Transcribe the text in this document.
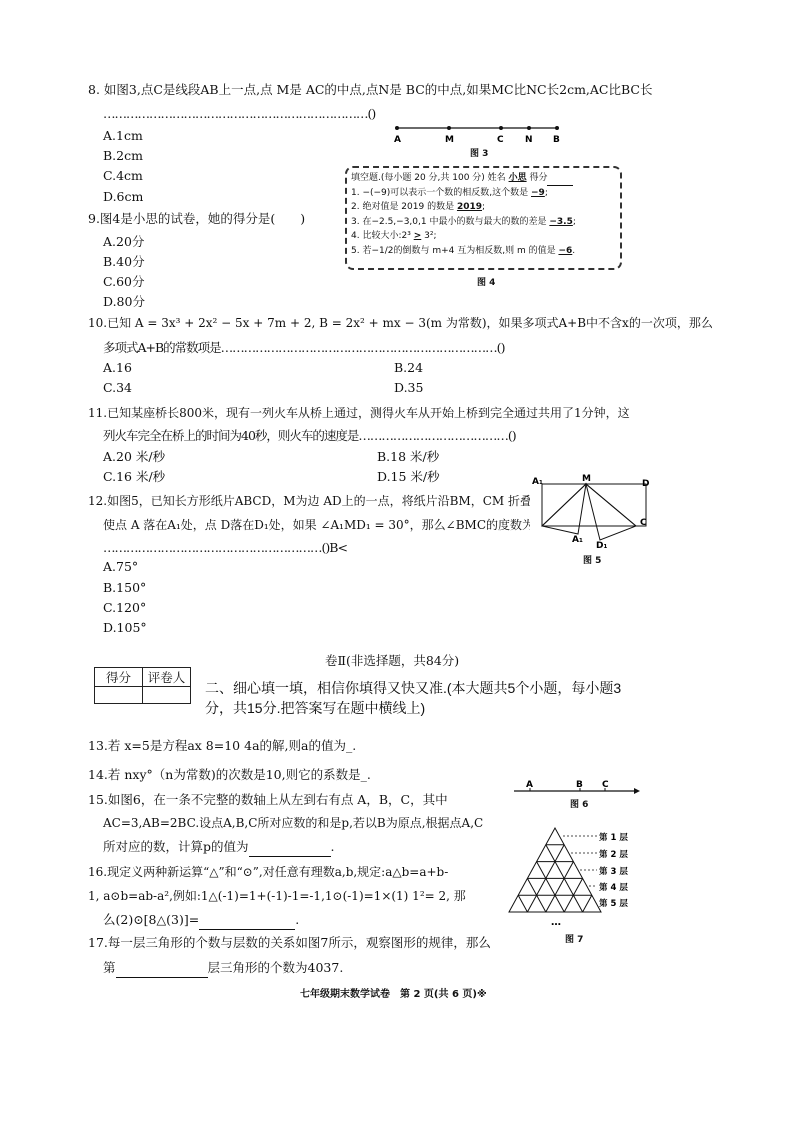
8. 如图3,点C是线段AB上一点,点 M是 AC的中点,点N是 BC的中点,如果MC比NC长2cm,AC比BC长
……………………………………………………………()
A.1cm
B.2cm
C.4cm
D.6cm
A	M	C N B
图 3
填空题.(每小题 20 分,共 100 分) 姓名 小思 得分
1. −(−9)可以表示一个数的相反数,这个数是 −9;
2. 绝对值是 2019 的数是 2019;
3. 在−2.5,−3,0,1 中最小的数与最大的数的差是 −3.5;
4. 比较大小:2³ > 3²;
5. 若−1/2的倒数与 m+4 互为相反数,则 m 的值是 −6.
图 4
9.图4是小思的试卷，她的得分是(　　)
A.20分
B.40分
C.60分
D.80分
10.已知 A = 3x³ + 2x² − 5x + 7m + 2, B = 2x² + mx − 3(m 为常数)，如果多项式A+B中不含x的一次项，那么
多项式A+B的常数项是………………………………………………………………()
A.16	B.24
C.34	D.35
11.已知某座桥长800米，现有一列火车从桥上通过，测得火车从开始上桥到完全通过共用了1分钟，这
列火车完全在桥上的时间为40秒，则火车的速度是…………………………………()
A.20 米/秒	B.18 米/秒
C.16 米/秒	D.15 米/秒
12.如图5，已知长方形纸片ABCD，M为边 AD上的一点，将纸片沿BM，CM 折叠，
使点 A 落在A₁处，点 D落在D₁处，如果 ∠A₁MD₁ = 30°，那么∠BMC的度数为
…………………………………………………()B<
A.75°
B.150°
C.120°
D.105°
A₁	M	D
C
A₁
D₁
图 5
卷Ⅱ(非选择题，共84分)
得分	评卷人

二、细心填一填，相信你填得又快又准.(本大题共5个小题，每小题3
分，共15分.把答案写在题中横线上)
13.若 x=5是方程ax 8=10 4a的解,则a的值为_.
14.若 nxy°（n为常数)的次数是10,则它的系数是_.
A	B C
图 6
15.如图6，在一条不完整的数轴上从左到右有点 A，B，C，其中
AC=3,AB=2BC.设点A,B,C所对应数的和是p,若以B为原点,根据点A,C
所对应的数，计算p的值为	.
16.现定义两种新运算“△”和“⊙”,对任意有理数a,b,规定:a△b=a+b-
1, a⊙b=ab-a²,例如:1△(-1)=1+(-1)-1=-1,1⊙(-1)=1×(1) 1²= 2, 那
么(2)⊙[8△(3)]=	.
第 1 层
第 2 层
第 3 层
第 4 层
第 5 层
…
图 7
17.每一层三角形的个数与层数的关系如图7所示，观察图形的规律，那么
第	层三角形的个数为4037.
七年级期末数学试卷　第 2 页(共 6 页)※
